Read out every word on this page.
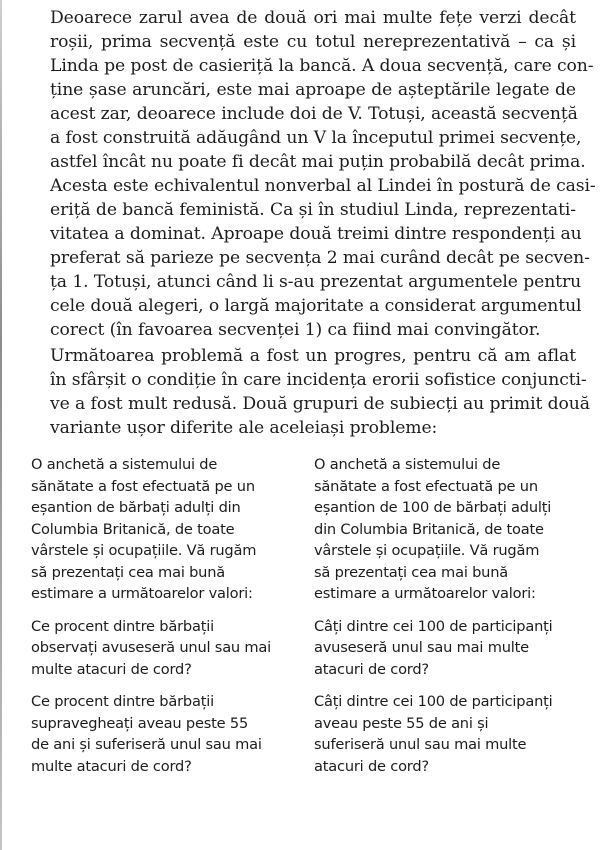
Deoarece zarul avea de două ori mai multe fețe verzi decât
roșii, prima secvență este cu totul nereprezentativă – ca și
Linda pe post de casieriță la bancă. A doua secvență, care con-
ține șase aruncări, este mai aproape de așteptările legate de
acest zar, deoarece include doi de V. Totuși, această secvență
a fost construită adăugând un V la începutul primei secvențe,
astfel încât nu poate fi decât mai puțin probabilă decât prima.
Acesta este echivalentul nonverbal al Lindei în postură de casi-
eriță de bancă feministă. Ca și în studiul Linda, reprezentati-
vitatea a dominat. Aproape două treimi dintre respondenți au
preferat să parieze pe secvența 2 mai curând decât pe secven-
ța 1. Totuși, atunci când li s-au prezentat argumentele pentru
cele două alegeri, o largă majoritate a considerat argumentul
corect (în favoarea secvenței 1) ca fiind mai convingător.

Următoarea problemă a fost un progres, pentru că am aflat
în sfârșit o condiție în care incidența erorii sofistice conjuncti-
ve a fost mult redusă. Două grupuri de subiecți au primit două
variante ușor diferite ale aceleiași probleme:

O anchetă a sistemului de
sănătate a fost efectuată pe un
eșantion de bărbați adulți din
Columbia Britanică, de toate
vârstele și ocupațiile. Vă rugăm
să prezentați cea mai bună
estimare a următoarelor valori:

Ce procent dintre bărbații
observați avuseseră unul sau mai
multe atacuri de cord?

Ce procent dintre bărbații
supravegheați aveau peste 55
de ani și suferiseră unul sau mai
multe atacuri de cord?

O anchetă a sistemului de
sănătate a fost efectuată pe un
eșantion de 100 de bărbați adulți
din Columbia Britanică, de toate
vârstele și ocupațiile. Vă rugăm
să prezentați cea mai bună
estimare a următoarelor valori:

Câți dintre cei 100 de participanți
avuseseră unul sau mai multe
atacuri de cord?

Câți dintre cei 100 de participanți
aveau peste 55 de ani și
suferiseră unul sau mai multe
atacuri de cord?
